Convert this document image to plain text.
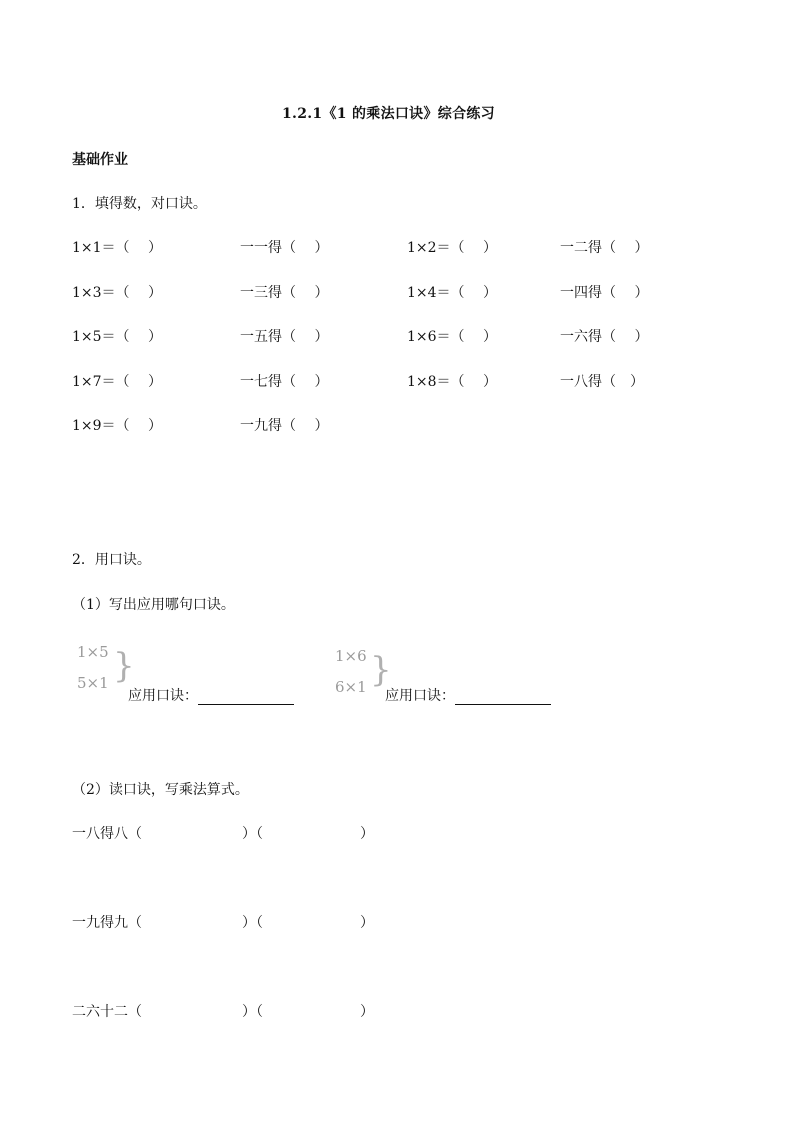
1.2.1《1 的乘法口诀》综合练习
基础作业
1．填得数，对口诀。
1×1＝（　 ）	一一得（　 ）	1×2＝（　 ）	一二得（　 ）
1×3＝（　 ）	一三得（　 ）	1×4＝（　 ）	一四得（　 ）
1×5＝（　 ）	一五得（　 ）	1×6＝（　 ）	一六得（　 ）
1×7＝（　 ）	一七得（　 ）	1×8＝（　 ）	一八得（　）
1×9＝（　 ）	一九得（　 ）
2．用口诀。
（1）写出应用哪句口诀。
1×5
5×1 }
应用口诀：
1×6
6×1 }
应用口诀：
（2）读口诀，写乘法算式。
一八得八（	）（	）
一九得九（	）（	）
二六十二（	）（	）
